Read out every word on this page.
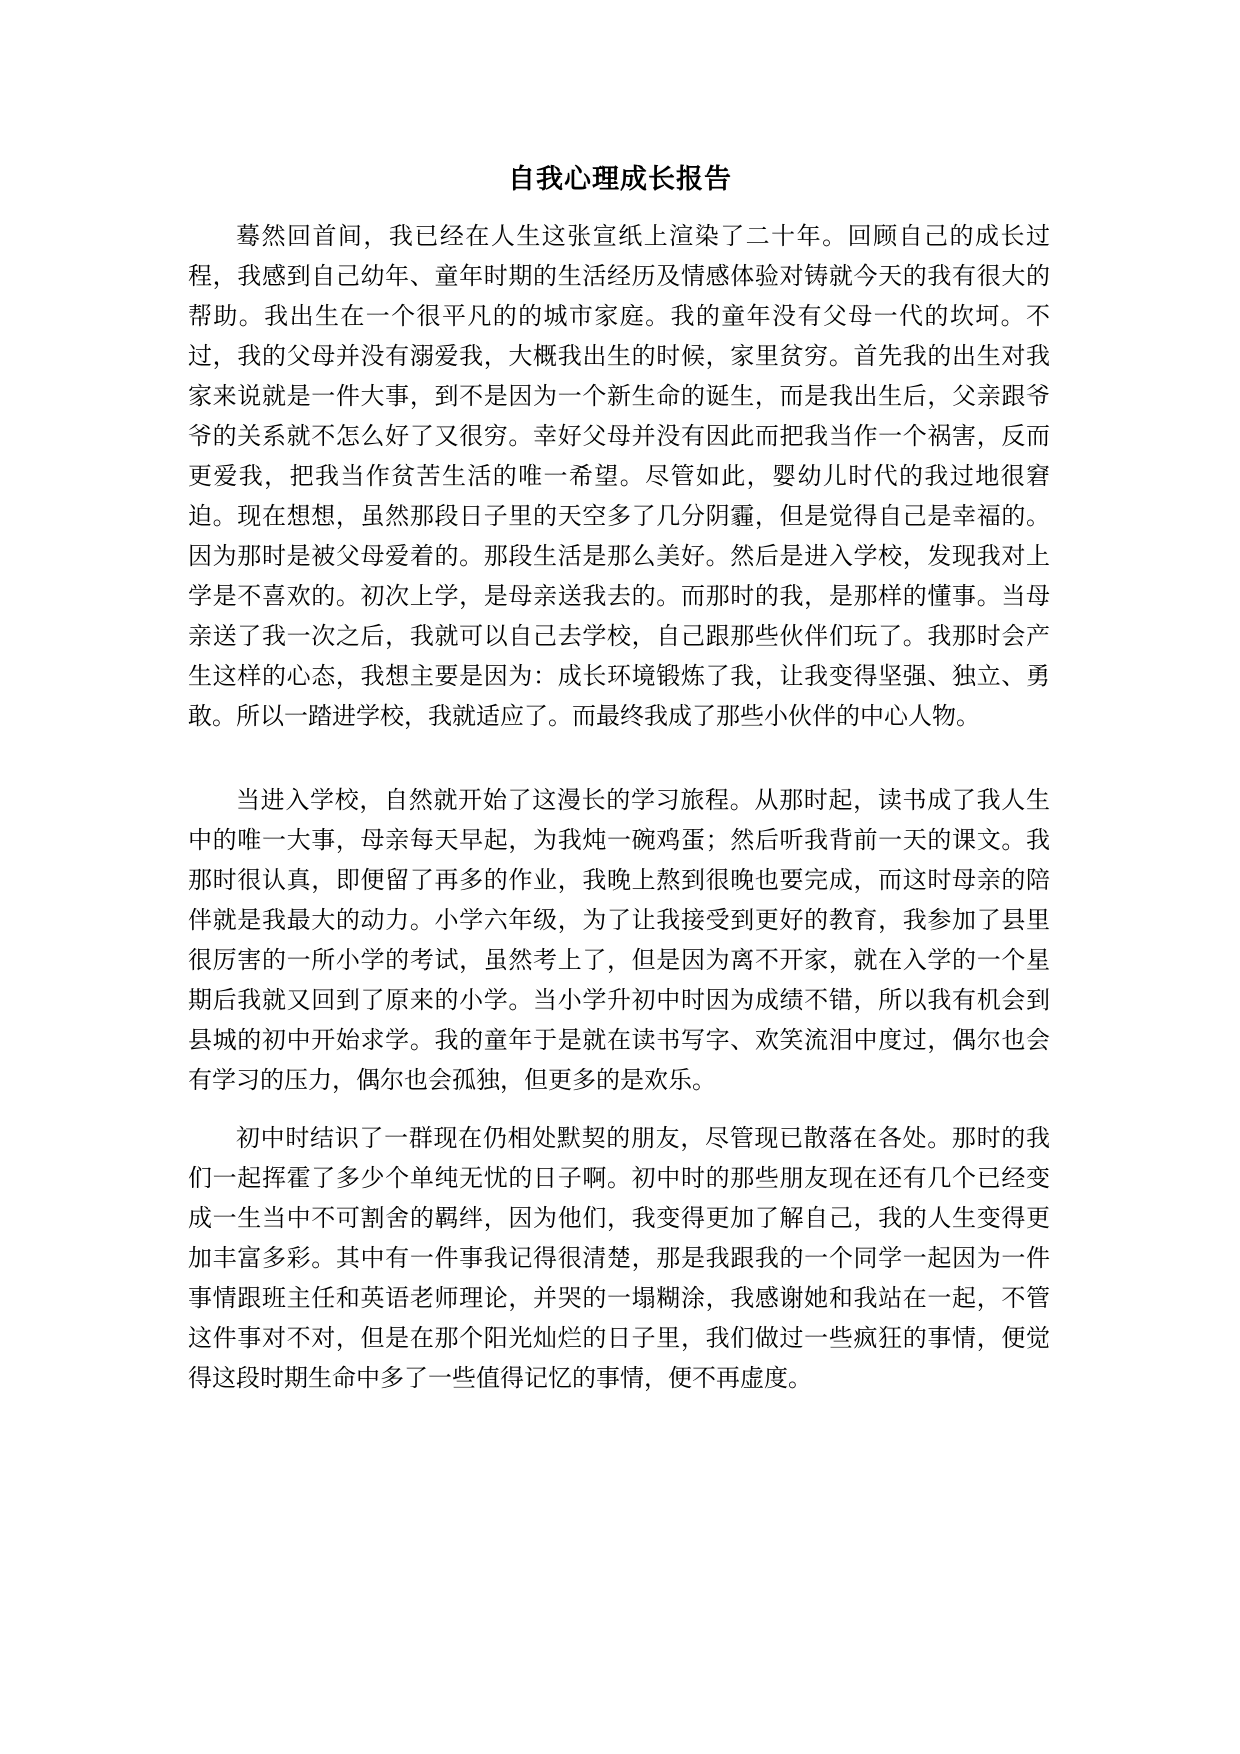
自我心理成长报告

蓦然回首间，我已经在人生这张宣纸上渲染了二十年。回顾自己的成长过程，我感到自己幼年、童年时期的生活经历及情感体验对铸就今天的我有很大的帮助。我出生在一个很平凡的的城市家庭。我的童年没有父母一代的坎坷。不过，我的父母并没有溺爱我，大概我出生的时候，家里贫穷。首先我的出生对我家来说就是一件大事，到不是因为一个新生命的诞生，而是我出生后，父亲跟爷爷的关系就不怎么好了又很穷。幸好父母并没有因此而把我当作一个祸害，反而更爱我，把我当作贫苦生活的唯一希望。尽管如此，婴幼儿时代的我过地很窘迫。现在想想，虽然那段日子里的天空多了几分阴霾，但是觉得自己是幸福的。因为那时是被父母爱着的。那段生活是那么美好。然后是进入学校，发现我对上学是不喜欢的。初次上学，是母亲送我去的。而那时的我，是那样的懂事。当母亲送了我一次之后，我就可以自己去学校，自己跟那些伙伴们玩了。我那时会产生这样的心态，我想主要是因为：成长环境锻炼了我，让我变得坚强、独立、勇敢。所以一踏进学校，我就适应了。而最终我成了那些小伙伴的中心人物。

当进入学校，自然就开始了这漫长的学习旅程。从那时起，读书成了我人生中的唯一大事，母亲每天早起，为我炖一碗鸡蛋；然后听我背前一天的课文。我那时很认真，即便留了再多的作业，我晚上熬到很晚也要完成，而这时母亲的陪伴就是我最大的动力。小学六年级，为了让我接受到更好的教育，我参加了县里很厉害的一所小学的考试，虽然考上了，但是因为离不开家，就在入学的一个星期后我就又回到了原来的小学。当小学升初中时因为成绩不错，所以我有机会到县城的初中开始求学。我的童年于是就在读书写字、欢笑流泪中度过，偶尔也会有学习的压力，偶尔也会孤独，但更多的是欢乐。

初中时结识了一群现在仍相处默契的朋友，尽管现已散落在各处。那时的我们一起挥霍了多少个单纯无忧的日子啊。初中时的那些朋友现在还有几个已经变成一生当中不可割舍的羁绊，因为他们，我变得更加了解自己，我的人生变得更加丰富多彩。其中有一件事我记得很清楚，那是我跟我的一个同学一起因为一件事情跟班主任和英语老师理论，并哭的一塌糊涂，我感谢她和我站在一起，不管这件事对不对，但是在那个阳光灿烂的日子里，我们做过一些疯狂的事情，便觉得这段时期生命中多了一些值得记忆的事情，便不再虚度。
